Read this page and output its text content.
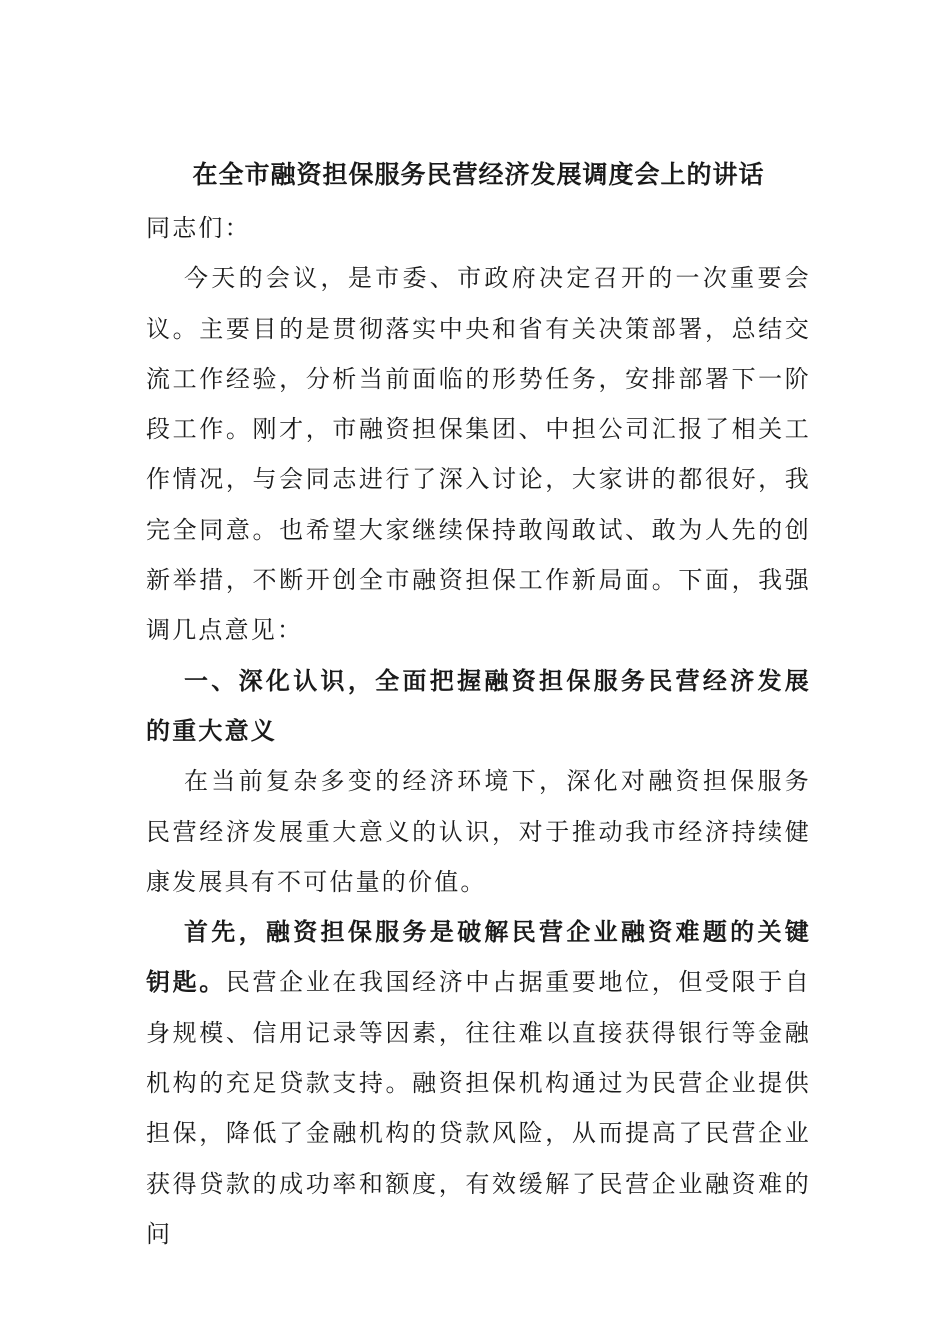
在全市融资担保服务民营经济发展调度会上的讲话

同志们：

今天的会议，是市委、市政府决定召开的一次重要会议。主要目的是贯彻落实中央和省有关决策部署，总结交流工作经验，分析当前面临的形势任务，安排部署下一阶段工作。刚才，市融资担保集团、中担公司汇报了相关工作情况，与会同志进行了深入讨论，大家讲的都很好，我完全同意。也希望大家继续保持敢闯敢试、敢为人先的创新举措，不断开创全市融资担保工作新局面。下面，我强调几点意见：

一、深化认识，全面把握融资担保服务民营经济发展的重大意义

在当前复杂多变的经济环境下，深化对融资担保服务民营经济发展重大意义的认识，对于推动我市经济持续健康发展具有不可估量的价值。

首先，融资担保服务是破解民营企业融资难题的关键钥匙。民营企业在我国经济中占据重要地位，但受限于自身规模、信用记录等因素，往往难以直接获得银行等金融机构的充足贷款支持。融资担保机构通过为民营企业提供担保，降低了金融机构的贷款风险，从而提高了民营企业获得贷款的成功率和额度，有效缓解了民营企业融资难的问
